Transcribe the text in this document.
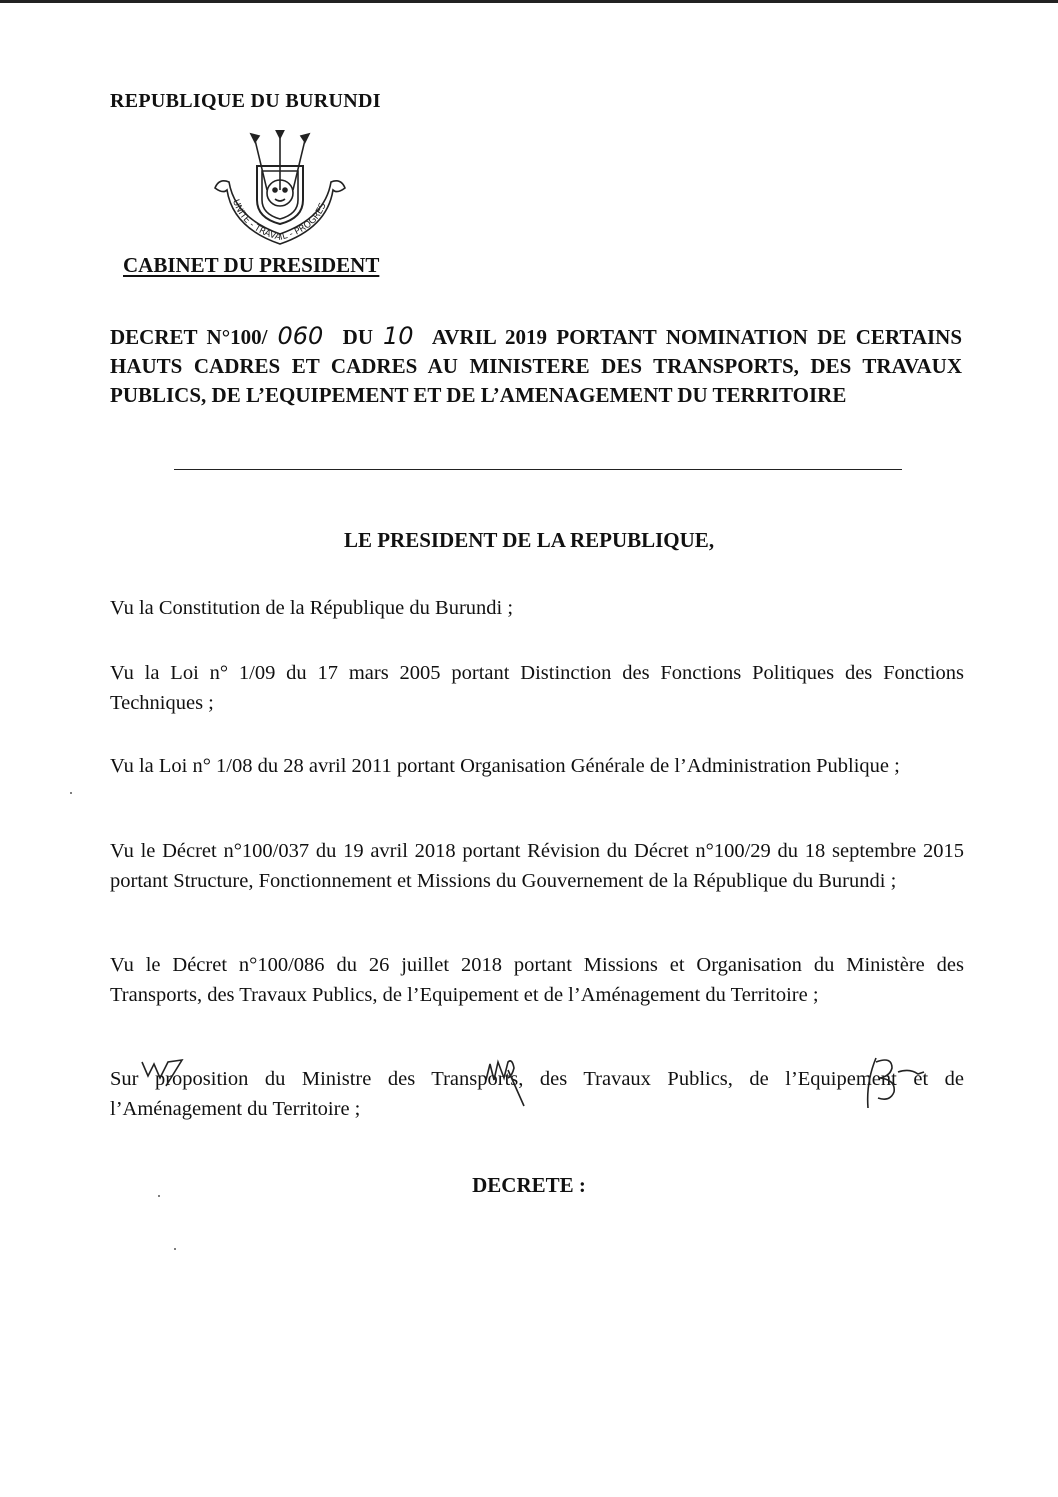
REPUBLIQUE DU BURUNDI
UNITE - TRAVAIL - PROGRES
CABINET DU PRESIDENT
DECRET N°100/ 060 DU 10 AVRIL 2019 PORTANT NOMINATION DE CERTAINS HAUTS CADRES ET CADRES AU MINISTERE DES TRANSPORTS, DES TRAVAUX PUBLICS, DE L’EQUIPEMENT ET DE L’AMENAGEMENT DU TERRITOIRE
LE PRESIDENT DE LA REPUBLIQUE,
Vu la Constitution de la République du Burundi ;
Vu la Loi n° 1/09 du 17 mars 2005 portant Distinction des Fonctions Politiques des Fonctions Techniques ;
Vu la Loi n° 1/08 du 28 avril 2011 portant Organisation Générale de l’Administration Publique ;
Vu le Décret n°100/037 du 19 avril 2018 portant Révision du Décret n°100/29 du 18 septembre 2015 portant Structure, Fonctionnement et Missions du Gouvernement de la République du Burundi ;
Vu le Décret n°100/086 du 26 juillet 2018 portant Missions et Organisation du Ministère des Transports, des Travaux Publics, de l’Equipement et de l’Aménagement du Territoire ;
Sur proposition du Ministre des Transports, des Travaux Publics, de l’Equipement et de l’Aménagement du Territoire ;
DECRETE :
